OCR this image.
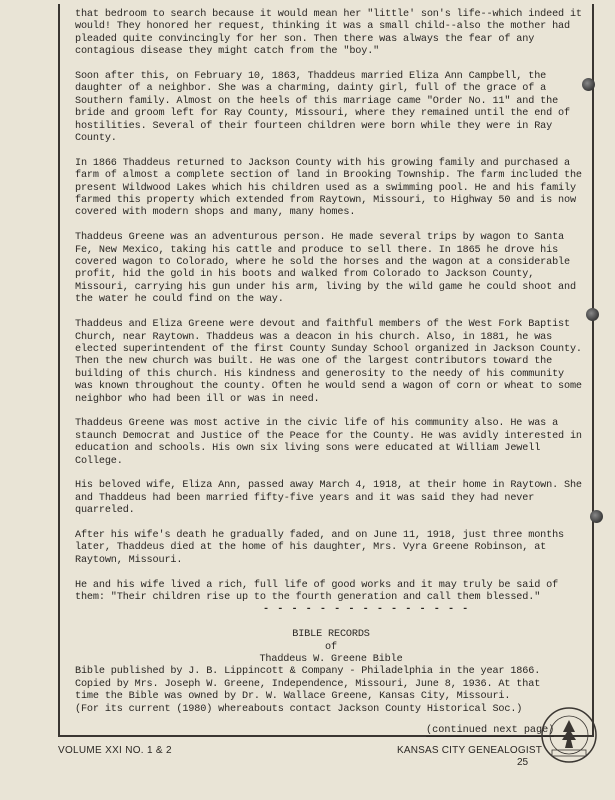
that bedroom to search because it would mean her "little' son's life--which indeed it would! They honored her request, thinking it was a small child--also the mother had pleaded quite convincingly for her son. Then there was always the fear of any contagious disease they might catch from the "boy."

Soon after this, on February 10, 1863, Thaddeus married Eliza Ann Campbell, the daughter of a neighbor. She was a charming, dainty girl, full of the grace of a Southern family. Almost on the heels of this marriage came "Order No. 11" and the bride and groom left for Ray County, Missouri, where they remained until the end of hostilities. Several of their fourteen children were born while they were in Ray County.

In 1866 Thaddeus returned to Jackson County with his growing family and purchased a farm of almost a complete section of land in Brooking Township. The farm included the present Wildwood Lakes which his children used as a swimming pool. He and his family farmed this property which extended from Raytown, Missouri, to Highway 50 and is now covered with modern shops and many, many homes.

Thaddeus Greene was an adventurous person. He made several trips by wagon to Santa Fe, New Mexico, taking his cattle and produce to sell there. In 1865 he drove his covered wagon to Colorado, where he sold the horses and the wagon at a considerable profit, hid the gold in his boots and walked from Colorado to Jackson County, Missouri, carrying his gun under his arm, living by the wild game he could shoot and the water he could find on the way.

Thaddeus and Eliza Greene were devout and faithful members of the West Fork Baptist Church, near Raytown. Thaddeus was a deacon in his church. Also, in 1881, he was elected superintendent of the first County Sunday School organized in Jackson County. Then the new church was built. He was one of the largest contributors toward the building of this church. His kindness and generosity to the needy of his community was known throughout the county. Often he would send a wagon of corn or wheat to some neighbor who had been ill or was in need.

Thaddeus Greene was most active in the civic life of his community also. He was a staunch Democrat and Justice of the Peace for the County. He was avidly interested in education and schools. His own six living sons were educated at William Jewell College.

His beloved wife, Eliza Ann, passed away March 4, 1918, at their home in Raytown. She and Thaddeus had been married fifty-five years and it was said they had never quarreled.

After his wife's death he gradually faded, and on June 11, 1918, just three months later, Thaddeus died at the home of his daughter, Mrs. Vyra Greene Robinson, at Raytown, Missouri.

He and his wife lived a rich, full life of good works and it may truly be said of them: "Their children rise up to the fourth generation and call them blessed."

- - - - - - - - - - - - - - -

BIBLE RECORDS

of

Thaddeus W. Greene Bible

Bible published by J. B. Lippincott & Company - Philadelphia in the year 1866.

Copied by Mrs. Joseph W. Greene, Independence, Missouri, June 8, 1936. At that

time the Bible was owned by Dr. W. Wallace Greene, Kansas City, Missouri.

(For its current (1980) whereabouts contact Jackson County Historical Soc.)

(continued next page)
VOLUME XXI NO. 1 & 2	KANSAS CITY GENEALOGIST
25
